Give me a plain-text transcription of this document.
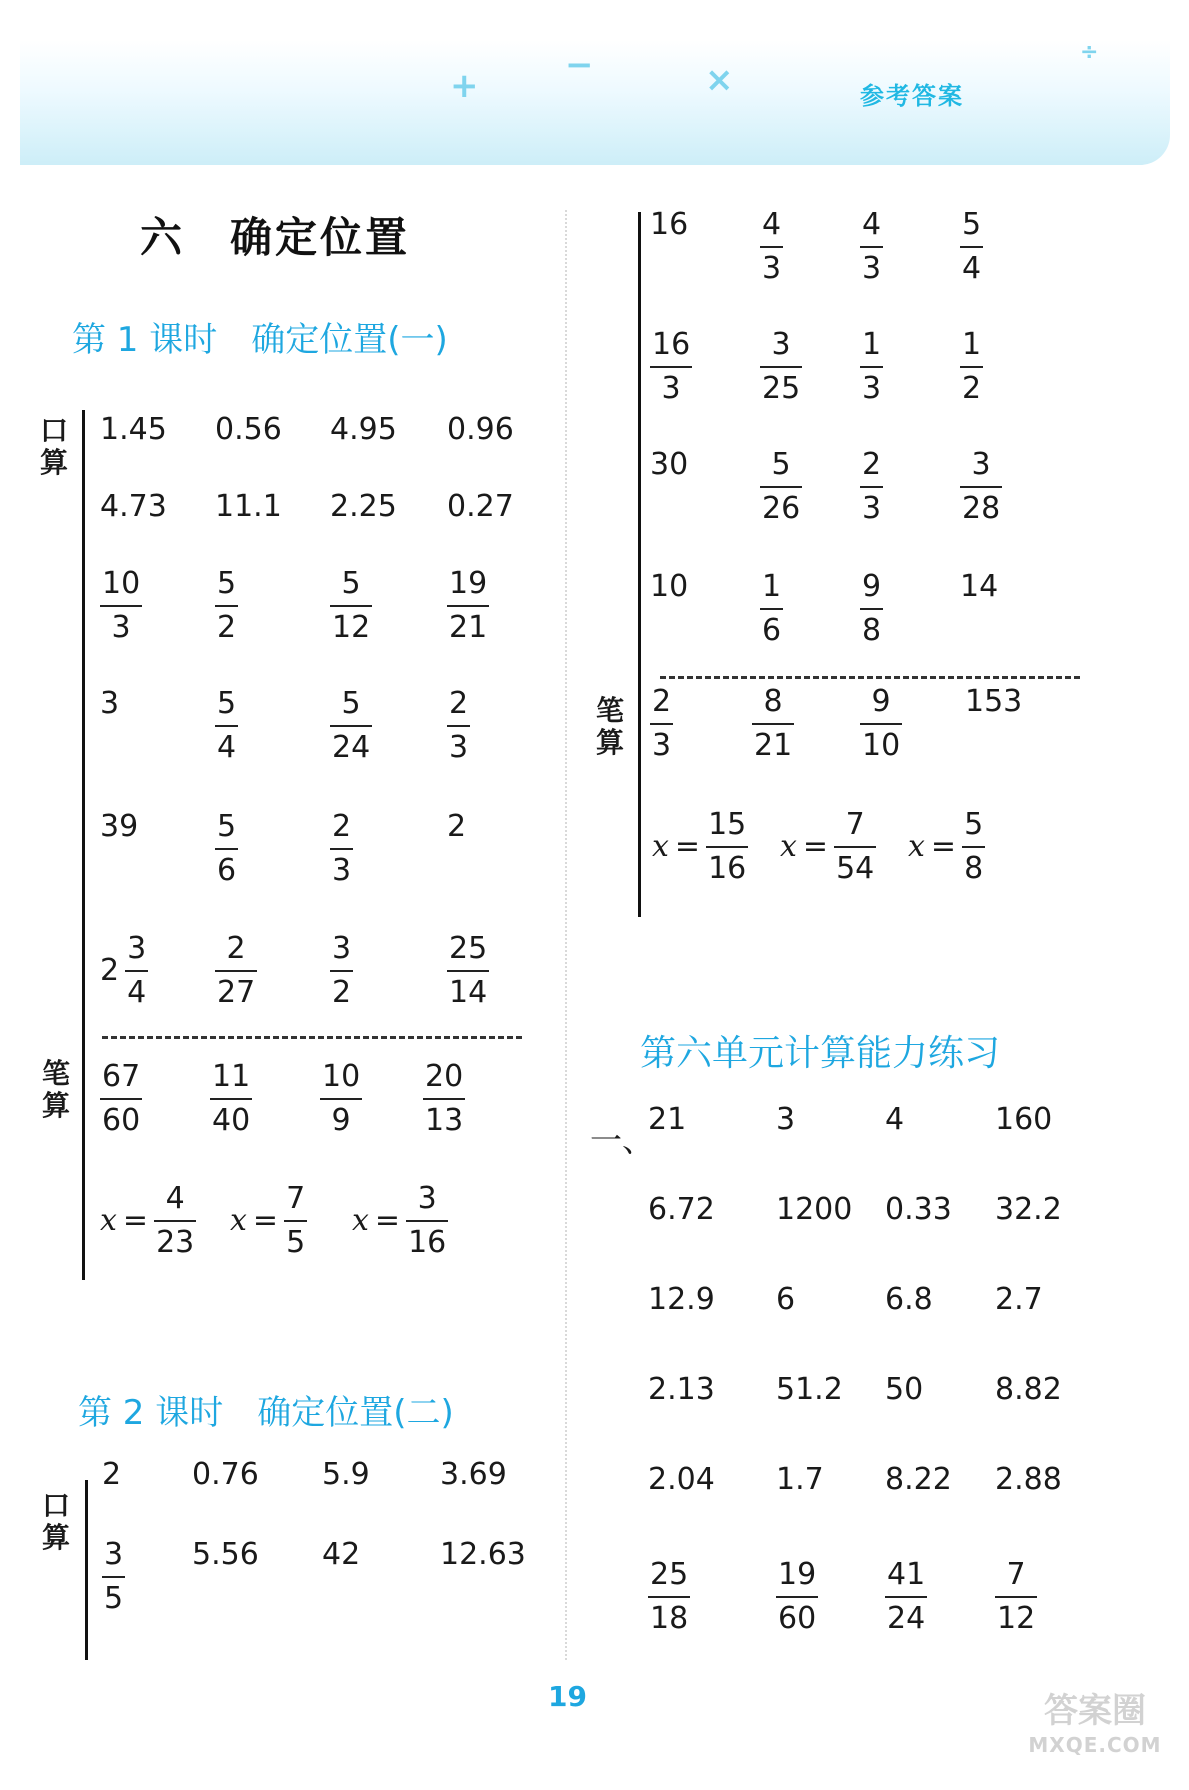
+
−	×
÷
参考答案
六　确定位置
第 1 课时　确定位置(一)
口算
笔算
1.45 0.56 4.95 0.96
4.73 11.1 2.25 0.27
$\frac{10}{3} \frac{5}{2}$	$\frac{5}{12} \frac{19}{21}$
3	$\frac{5}{4}$	$\frac{5}{24} \frac{2}{3}$
39	$\frac{5}{6}$	$\frac{2}{3}$	2
$2 \frac{3}{4} \frac{2}{27} \frac{3}{2}$	$\frac{25}{14}$
$\frac{67}{60} \frac{11}{40} \frac{10}{9} \frac{20}{13}$
$x = \frac{4}{23}$ $x = \frac{7}{5}$ $x = \frac{3}{16}$
第 2 课时　确定位置(二)
口算
2 0.76 5.9 3.69
$\frac{3}{5} 5.56$ 42	12.63
笔算
$16 \frac{4}{3}$	$\frac{4}{3}$	$\frac{5}{4}$
$\frac{16}{3} \frac{3}{25} \frac{1}{3}$	$\frac{1}{2}$
$30 \frac{5}{26} \frac{2}{3}$	$\frac{3}{28}$
$10 \frac{1}{6}$	$\frac{9}{8}$	14
$\frac{2}{3}$	$\frac{8}{21} \frac{9}{10} 153$
$x = \frac{15}{16}$ $x = \frac{7}{54}$ $x = \frac{5}{8}$
第六单元计算能力练习
一、
21	3	4	160
6.72 1200 0.33 32.2
12.9 6	6.8 2.7
2.13 51.2 50 8.82
2.04 1.7 8.22 2.88
$\frac{25}{18}$	$\frac{19}{60} \frac{41}{24} \frac{7}{12}$
19	答案圈
MXQE.COM
